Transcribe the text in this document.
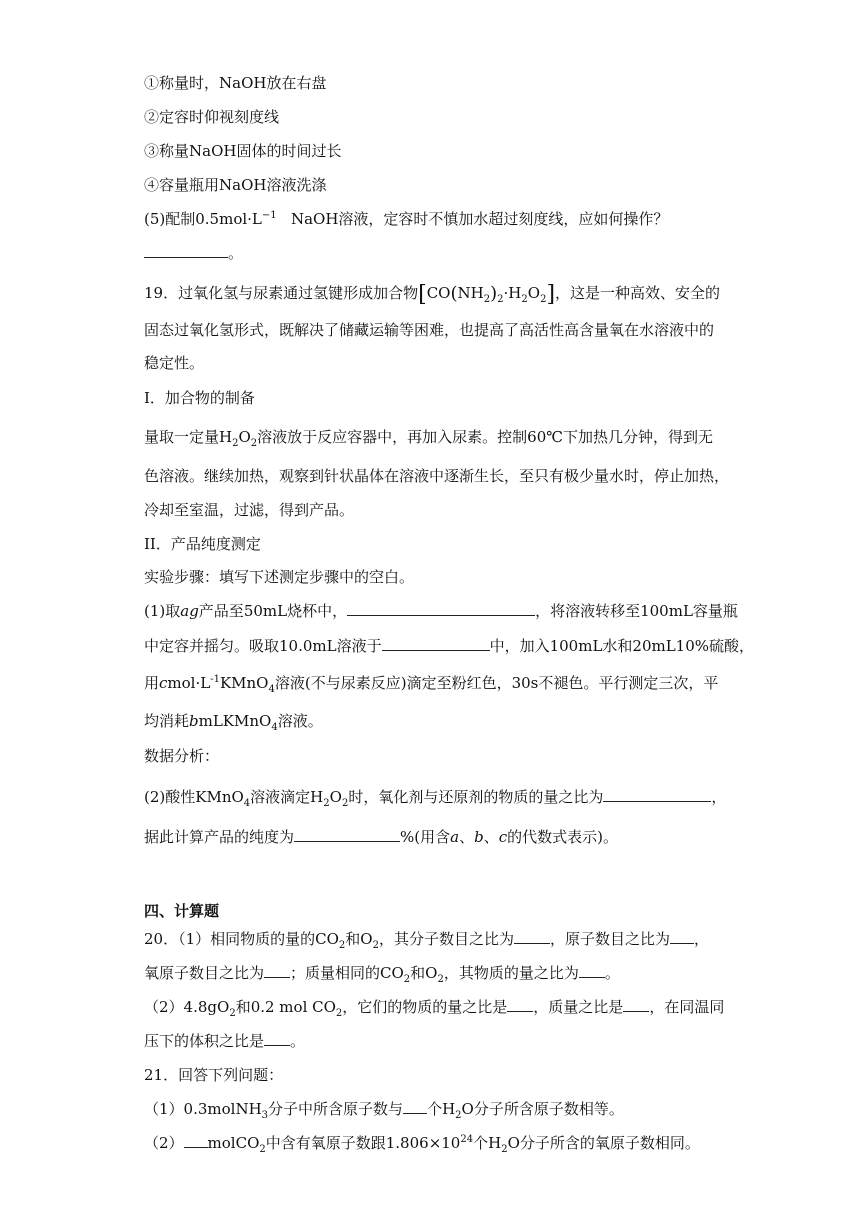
①称量时，NaOH放在右盘
②定容时仰视刻度线
③称量NaOH固体的时间过长
④容量瓶用NaOH溶液洗涤
(5)配制$0.5mol\cdot L^{-1}$ NaOH溶液，定容时不慎加水超过刻度线，应如何操作？
。
19．过氧化氢与尿素通过氢键形成加合物$[CO(NH_2)_2\cdot H_2O_2]$，这是一种高效、安全的
固态过氧化氢形式，既解决了储藏运输等困难，也提高了高活性高含量氧在水溶液中的
稳定性。
I．加合物的制备
量取一定量$H_2O_2$溶液放于反应容器中，再加入尿素。控制60℃下加热几分钟，得到无
色溶液。继续加热，观察到针状晶体在溶液中逐渐生长，至只有极少量水时，停止加热，
冷却至室温，过滤，得到产品。
II．产品纯度测定
实验步骤：填写下述测定步骤中的空白。
(1)取ag产品至50mL烧杯中，	，将溶液转移至100mL容量瓶
中定容并摇匀。吸取10.0mL溶液于	中，加入100mL水和20mL10%硫酸，
用$cmol\cdot L^{-1}KMnO_4$溶液(不与尿素反应)滴定至粉红色，30s不褪色。平行测定三次，平
均消耗bmLKMnO$_4$溶液。
数据分析：
(2)酸性KMnO$_4$溶液滴定$H_2O_2$时，氧化剂与还原剂的物质的量之比为	，
据此计算产品的纯度为	%(用含a、b、c的代数式表示)。
四、计算题
20．（1）相同物质的量的$CO_2$和$O_2$，其分子数目之比为 ，原子数目之比为 ，
氧原子数目之比为 ；质量相同的$CO_2$和$O_2$，其物质的量之比为 。
$(2)4.8gO_2$和0.2 mol $CO_2$，它们的物质的量之比是 ，质量之比是 ，在同温同
压下的体积之比是 。
21．回答下列问题：
（1）0.3molNH$_3$分子中所含原子数与 个$H_2O$分子所含原子数相等。
（2） molCO$_2$中含有氧原子数跟$1.806\times 10^{24}$个$H_2O$分子所含的氧原子数相同。
